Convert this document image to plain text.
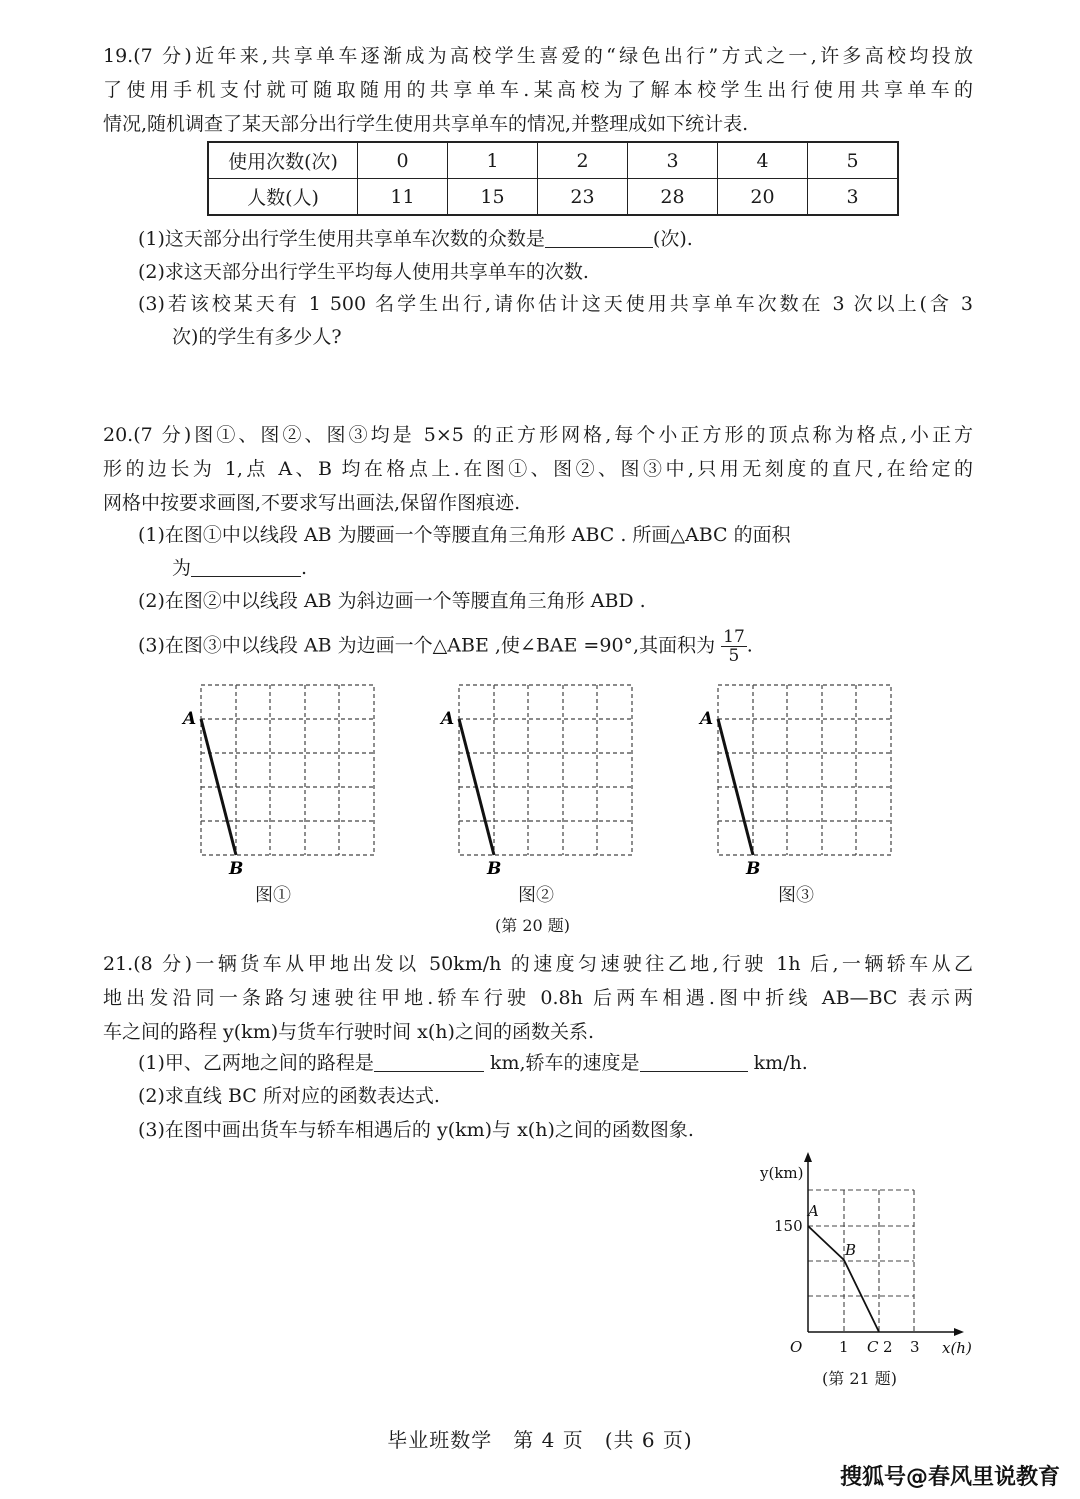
19.(7 分)近年来,共享单车逐渐成为高校学生喜爱的“绿色出行”方式之一,许多高校均投放
了使用手机支付就可随取随用的共享单车.某高校为了解本校学生出行使用共享单车的
情况,随机调查了某天部分出行学生使用共享单车的情况,并整理成如下统计表.
使用次数(次)	0	1	2	3	4	5
人数(人)	11	15	23	28	20	3
(1)这天部分出行学生使用共享单车次数的众数是	(次).
(2)求这天部分出行学生平均每人使用共享单车的次数.
(3)若该校某天有 1 500 名学生出行,请你估计这天使用共享单车次数在 3 次以上(含 3
次)的学生有多少人?
20.(7 分)图①、图②、图③均是 5×5 的正方形网格,每个小正方形的顶点称为格点,小正方
形的边长为 1,点 A、B 均在格点上.在图①、图②、图③中,只用无刻度的直尺,在给定的
网格中按要求画图,不要求写出画法,保留作图痕迹.
(1)在图①中以线段 AB 为腰画一个等腰直角三角形 ABC . 所画△ABC 的面积
为	.
(2)在图②中以线段 AB 为斜边画一个等腰直角三角形 ABD .
(3)在图③中以线段 AB 为边画一个△ABE ,使∠BAE =90°,其面积为 $\frac{17}{5}$ .
A
B
A
B
A
B
图①	图②	图③
(第 20 题)
21.(8 分)一辆货车从甲地出发以 50km/h 的速度匀速驶往乙地,行驶 1h 后,一辆轿车从乙
地出发沿同一条路匀速驶往甲地.轿车行驶 0.8h 后两车相遇.图中折线 AB—BC 表示两
车之间的路程 y(km)与货车行驶时间 x(h)之间的函数关系.
(1)甲、乙两地之间的路程是	km,轿车的速度是	km/h.
(2)求直线 BC 所对应的函数表达式.
(3)在图中画出货车与轿车相遇后的 y(km)与 x(h)之间的函数图象.
y(km)
x(h)
O
150
1 2 3
A
B
C
(第 21 题)
毕业班数学　第 4 页　(共 6 页)
搜狐号@春风里说教育
